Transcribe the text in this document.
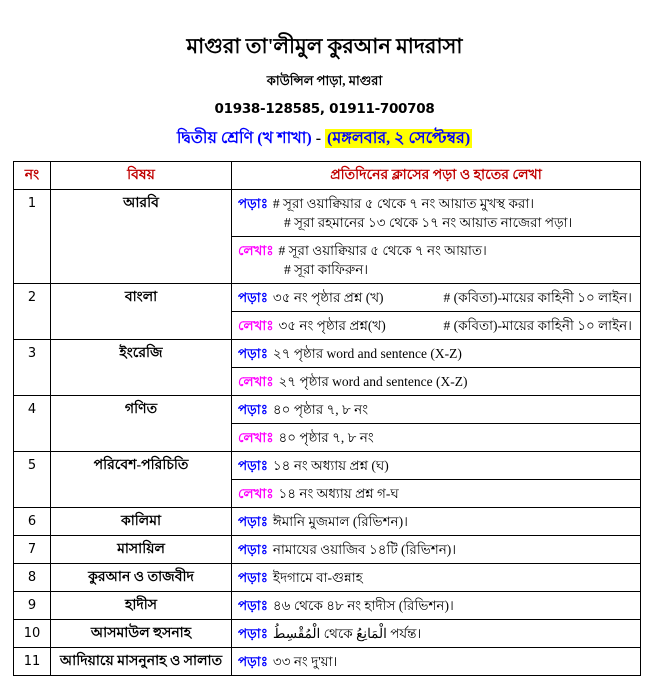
মাগুরা তা'লীমুল কুরআন মাদরাসা
কাউন্সিল পাড়া, মাগুরা
01938-128585, 01911-700708
দ্বিতীয় শ্রেণি (খ শাখা) - (মঙ্গলবার, ২ সেপ্টেম্বর)
নং	বিষয়	প্রতিদিনের ক্লাসের পড়া ও হাতের লেখা
1	আরবি	পড়াঃ # সূরা ওয়াক্বিয়ার ৫ থেকে ৭ নং আয়াত মুখস্থ করা।
# সূরা রহমানের ১৩ থেকে ১৭ নং আয়াত নাজেরা পড়া।

		লেখাঃ # সূরা ওয়াক্বিয়ার ৫ থেকে ৭ নং আয়াত।
# সূরা কাফিরুন।

2	বাংলা	পড়াঃ ৩৫ নং পৃষ্ঠার প্রশ্ন (খ) # (কবিতা)-মায়ের কাহিনী ১০ লাইন।

		লেখাঃ ৩৫ নং পৃষ্ঠার প্রশ্ন(খ) # (কবিতা)-মায়ের কাহিনী ১০ লাইন।

3	ইংরেজি	পড়াঃ ২৭ পৃষ্ঠার word and sentence (X-Z)

		লেখাঃ ২৭ পৃষ্ঠার word and sentence (X-Z)

4	গণিত	পড়াঃ ৪০ পৃষ্ঠার ৭, ৮ নং

		লেখাঃ ৪০ পৃষ্ঠার ৭, ৮ নং

5	পরিবেশ-পরিচিতি	পড়াঃ ১৪ নং অধ্যায় প্রশ্ন (ঘ)

		লেখাঃ ১৪ নং অধ্যায় প্রশ্ন গ-ঘ

6	কালিমা	পড়াঃ ঈমানি মুজমাল (রিভিশন)।

7	মাসায়িল	পড়াঃ নামাযের ওয়াজিব ১৪টি (রিভিশন)।

8	কুরআন ও তাজবীদ	পড়াঃ ইদগামে বা-গুন্নাহ

9	হাদীস	পড়াঃ ৪৬ থেকে ৪৮ নং হাদীস (রিভিশন)।

10	আসমাউল হুসনাহ	পড়াঃ الْمُقْسِطُ থেকে الْمَانِعُ পর্যন্ত।

11	আদিয়ায়ে মাসনুনাহ ও সালাত	পড়াঃ ৩৩ নং দু'য়া।
